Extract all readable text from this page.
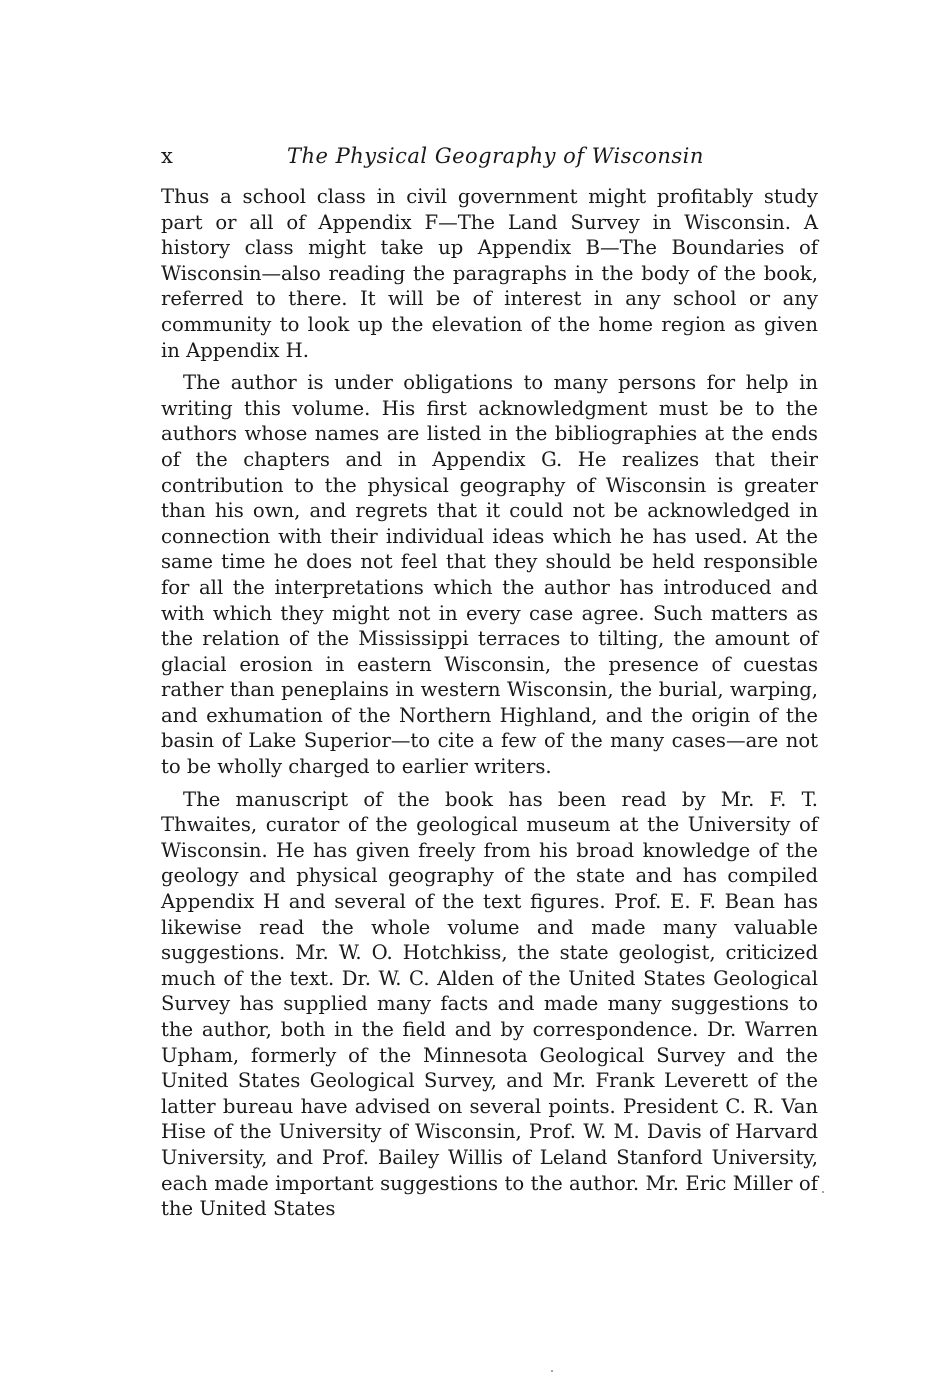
x	The Physical Geography of Wisconsin

Thus a school class in civil government might profitably study part or all of Appendix F—The Land Survey in Wisconsin. A history class might take up Appendix B—The Boundaries of Wisconsin—also reading the paragraphs in the body of the book, referred to there. It will be of interest in any school or any community to look up the elevation of the home region as given in Appendix H.

The author is under obligations to many persons for help in writing this volume. His first acknowledgment must be to the authors whose names are listed in the bibliographies at the ends of the chapters and in Appendix G. He realizes that their contribution to the physical geography of Wisconsin is greater than his own, and regrets that it could not be acknowledged in connection with their individual ideas which he has used. At the same time he does not feel that they should be held responsible for all the interpretations which the author has introduced and with which they might not in every case agree. Such matters as the relation of the Mississippi terraces to tilting, the amount of glacial erosion in eastern Wisconsin, the presence of cuestas rather than peneplains in western Wisconsin, the burial, warping, and exhumation of the Northern Highland, and the origin of the basin of Lake Superior—to cite a few of the many cases—are not to be wholly charged to earlier writers.

The manuscript of the book has been read by Mr. F. T. Thwaites, curator of the geological museum at the University of Wisconsin. He has given freely from his broad knowledge of the geology and physical geography of the state and has compiled Appendix H and several of the text figures. Prof. E. F. Bean has likewise read the whole volume and made many valuable suggestions. Mr. W. O. Hotchkiss, the state geologist, criticized much of the text. Dr. W. C. Alden of the United States Geological Survey has supplied many facts and made many suggestions to the author, both in the field and by correspondence. Dr. Warren Upham, formerly of the Minnesota Geological Survey and the United States Geological Survey, and Mr. Frank Leverett of the latter bureau have advised on several points. President C. R. Van Hise of the University of Wisconsin, Prof. W. M. Davis of Harvard University, and Prof. Bailey Willis of Leland Stanford University, each made important suggestions to the author. Mr. Eric Miller of the United States
